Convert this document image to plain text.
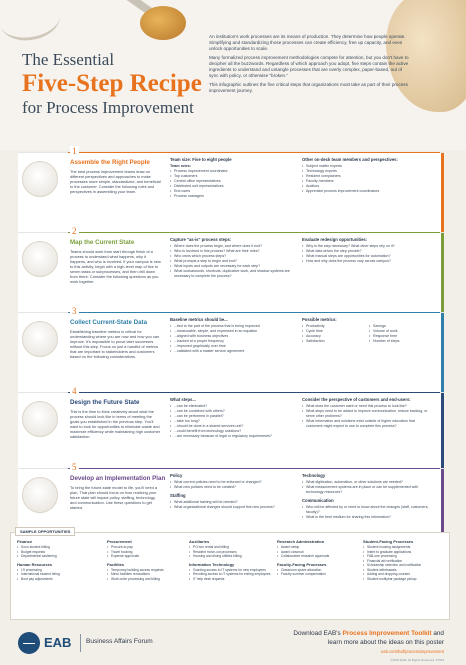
The Essential
Five-Step Recipe
for Process Improvement

An institution's work processes are its means of production. They determine how people operate. Simplifying and standardizing those processes can create efficiency, free up capacity, and even unlock opportunities to scale.

Many formalized process improvement methodologies compete for attention, but you don't have to decipher all the buzzwords. Regardless of which approach you adopt, five steps contain the active ingredients to understand and untangle processes that are overly complex, paper-based, out of sync with policy, or otherwise "broken."

This infographic outlines the five critical steps that organizations must take as part of their process improvement journey.

1
Assemble the Right People
The best process improvement teams draw on different perspectives and approaches to make processes more simple, standardized, and beneficial to the customer. Consider the following roles and perspectives in assembling your team.
Team size: Five to eight people
Team roles:
• Process improvement coordinator
• Top customers
• Central office representatives
• Distributed unit representatives
• End users
• Process managers
Other on-deck team members and perspectives:
• Subject matter experts
• Technology experts
• Resident complainers
• Faculty members
• Auditors
• Apprentice process improvement coordinators
2
Map the Current State
Teams should work from start through finish of a process to understand what happens, why it happens, and who is involved. If your campus is new to this activity, begin with a high-level map of five to seven tasks or subprocesses, and then drill down from there. Consider the following questions as you work together.
Capture "as-is" process steps:
• Where does the process begin, and where does it end?
• Who is involved in this process? What are their roles?
• Who owns which process steps?
• What prompts a step to begin and end?
• What inputs and outputs are necessary for each step?
• What workarounds, shortcuts, duplicative work, and shadow systems are necessary to complete the process?
Evaluate redesign opportunities:
• Why is the step necessary? What other steps rely on it?
• What data drives the step provide?
• What manual steps are opportunities for automation?
• How and why does the process vary across campus?
3
Collect Current-State Data
Establishing baseline metrics is critical for understanding where you are now and how you can improve. It's impossible to prove later successes without this step. Focus on just a handful of metrics that are important to stakeholders and customers based on the following considerations.
Baseline metrics should be...
• ...tied to the part of the process that is being improved
• ...measurable, simple, and expressed in an equation
• ...aligned with business objectives
• ...tracked at a proper frequency
• ...improved graphically over time
• ...validated with a master service agreement
Possible metrics:
• Productivity
• Cycle time
• Accuracy
• Satisfaction
• Savings
• Volume of work
• Response time
• Number of steps
4
Design the Future State
This is the time to think creatively about what the process should look like in terms of meeting the goals you established in the previous step. You'll want to look for opportunities to eliminate waste and maximize efficiency while maintaining high customer satisfaction.
What steps...
• ...can be eliminated?
• ...can be combined with others?
• ...can be performed in parallel?
• ...take too long?
• ...should be done in a shared services unit?
• ...could benefit from technology solutions?
• ...are necessary because of legal or regulatory requirements?
Consider the perspective of customers and end-users:
• What does the customer want or need this process to look like?
• What steps need to be added to improve communication, reduce backlog, or serve other problems?
• What information and solutions exist outside of higher education that customers might expect to use to complete this process?
5
Develop an Implementation Plan
To bring the future-state model to life, you'll need a plan. That plan should focus on how realizing your future state will impact policy, staffing, technology, and communication. Use these questions to get started.
Policy
• What current policies need to be enforced or changed?
• What new policies need to be created?
Staffing
• What additional training will be needed?
• What organizational changes should support this new process?
Technology
• What digitization, automation, or other solutions are needed?
• What measurement systems are in place or can be supplemented with technology resources?
Communication
• Who will be affected by or need to know about the changes (staff, customers, faculty)?
• What is the best medium for sharing this information?
SAMPLE OPPORTUNITIES
Finance
• Soon student billing
• Budget requests
• Departmental cashiering
Human Resources
• I-9 processing
• International student hiring
• Boot pay adjustments
Procurement
• Procure-to-pay
• Travel booking
• Expense approvals
Facilities
• Temporary building access requests
• Minor facilities renovations
• Work order processing and billing
Auxiliaries
• PO box rental and billing
• Resident move-out processes
• Housing and dining utilities billing
Information Technology
• Granting access to IT systems for new employees
• Revoking access to IT systems for exiting employees
• IT help desk requests
Research Administration
• Award setup
• Award closeout
• Collaborative research approvals
Faculty-Facing Processes
• Classroom space allocation
• Faculty summer compensation
Student-Facing Processes
• Student housing assignments
• Intent to graduate applications
• FAB-one processing
• Financial aid verification
• Scholarship selection and notification
• Student withdrawals
• Adding and dropping courses
• Student multiyear package pickup
EAB Business Affairs Forum
Download EAB's Process Improvement Toolkit and
learn more about the ideas on this poster
eab.com/baf/processimprovement
©2020 EAB. All Rights Reserved. 37903
